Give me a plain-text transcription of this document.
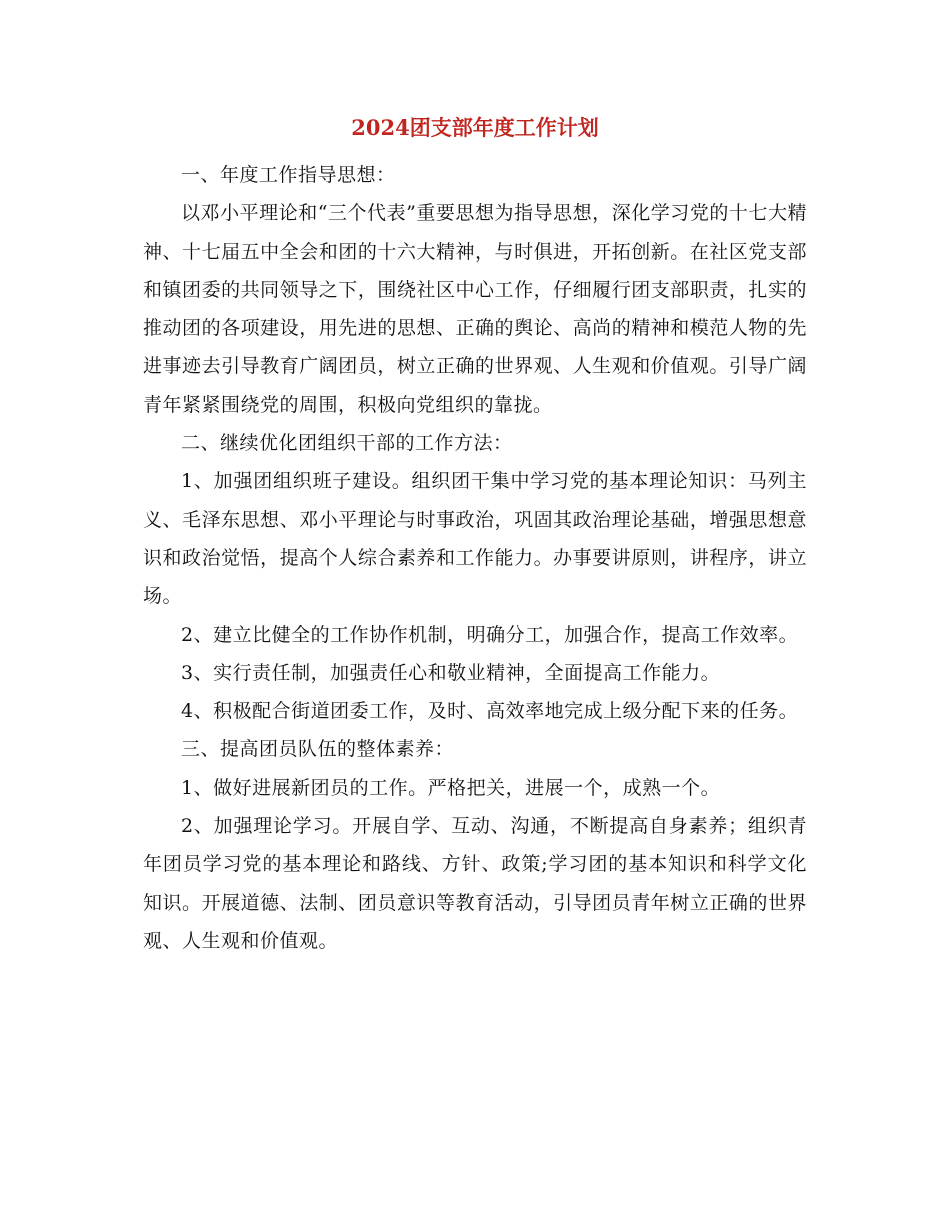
2024团支部年度工作计划

一、年度工作指导思想：

以邓小平理论和“三个代表”重要思想为指导思想，深化学习党的十七大精神、十七届五中全会和团的十六大精神，与时俱进，开拓创新。在社区党支部和镇团委的共同领导之下，围绕社区中心工作，仔细履行团支部职责，扎实的推动团的各项建设，用先进的思想、正确的舆论、高尚的精神和模范人物的先进事迹去引导教育广阔团员，树立正确的世界观、人生观和价值观。引导广阔青年紧紧围绕党的周围，积极向党组织的靠拢。

二、继续优化团组织干部的工作方法：

1、加强团组织班子建设。组织团干集中学习党的基本理论知识：马列主义、毛泽东思想、邓小平理论与时事政治，巩固其政治理论基础，增强思想意识和政治觉悟，提高个人综合素养和工作能力。办事要讲原则，讲程序，讲立场。

2、建立比健全的工作协作机制，明确分工，加强合作，提高工作效率。

3、实行责任制，加强责任心和敬业精神，全面提高工作能力。

4、积极配合街道团委工作，及时、高效率地完成上级分配下来的任务。

三、提高团员队伍的整体素养：

1、做好进展新团员的工作。严格把关，进展一个，成熟一个。

2、加强理论学习。开展自学、互动、沟通，不断提高自身素养；组织青年团员学习党的基本理论和路线、方针、政策;学习团的基本知识和科学文化知识。开展道德、法制、团员意识等教育活动，引导团员青年树立正确的世界观、人生观和价值观。
